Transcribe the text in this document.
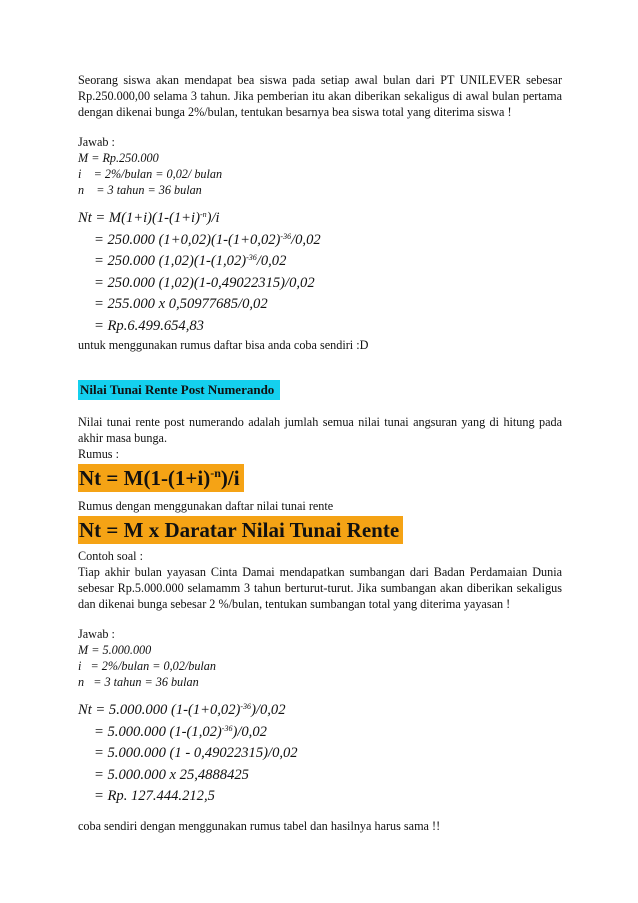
Seorang siswa akan mendapat bea siswa pada setiap awal bulan dari PT UNILEVER sebesar Rp.250.000,00 selama 3 tahun. Jika pemberian itu akan diberikan sekaligus di awal bulan pertama dengan dikenai bunga 2%/bulan, tentukan besarnya bea siswa total yang diterima siswa !

Jawab :

M = Rp.250.000

i    = 2%/bulan = 0,02/ bulan

n    = 3 tahun = 36 bulan

$Nt = M(1+i)(1-(1+i)^{-n})/i$
= 250.000 $(1+0,02)(1-(1+0,02)^{-36}/0,02$
= 250.000 $(1,02)(1-(1,02)^{-36}/0,02$
= 250.000 (1,02)(1-0,49022315)/0,02
= 255.000 x 0,50977685/0,02
= Rp.6.499.654,83

untuk menggunakan rumus daftar bisa anda coba sendiri :D

Nilai Tunai Rente Post Numerando

Nilai tunai rente post numerando adalah jumlah semua nilai tunai angsuran yang di hitung pada akhir masa bunga.

Rumus :

$Nt = M(1-(1+i)^{-n})/i$

Rumus dengan menggunakan daftar nilai tunai rente

Nt = M x Daratar Nilai Tunai Rente

Contoh soal :

Tiap akhir bulan yayasan Cinta Damai mendapatkan sumbangan dari Badan Perdamaian Dunia sebesar Rp.5.000.000 selamamm 3 tahun berturut-turut. Jika sumbangan akan diberikan sekaligus dan dikenai bunga sebesar 2 %/bulan, tentukan sumbangan total yang diterima yayasan !

Jawab :

M = 5.000.000

i   = 2%/bulan = 0,02/bulan

n   = 3 tahun = 36 bulan

Nt = 5.000.000 $(1-(1+0,02)^{-36})/0,02$
= 5.000.000 $(1-(1,02)^{-36})/0,02$
= 5.000.000 (1 - 0,49022315)/0,02
= 5.000.000 x 25,4888425
= Rp. 127.444.212,5

coba sendiri dengan menggunakan rumus tabel dan hasilnya harus sama !!
